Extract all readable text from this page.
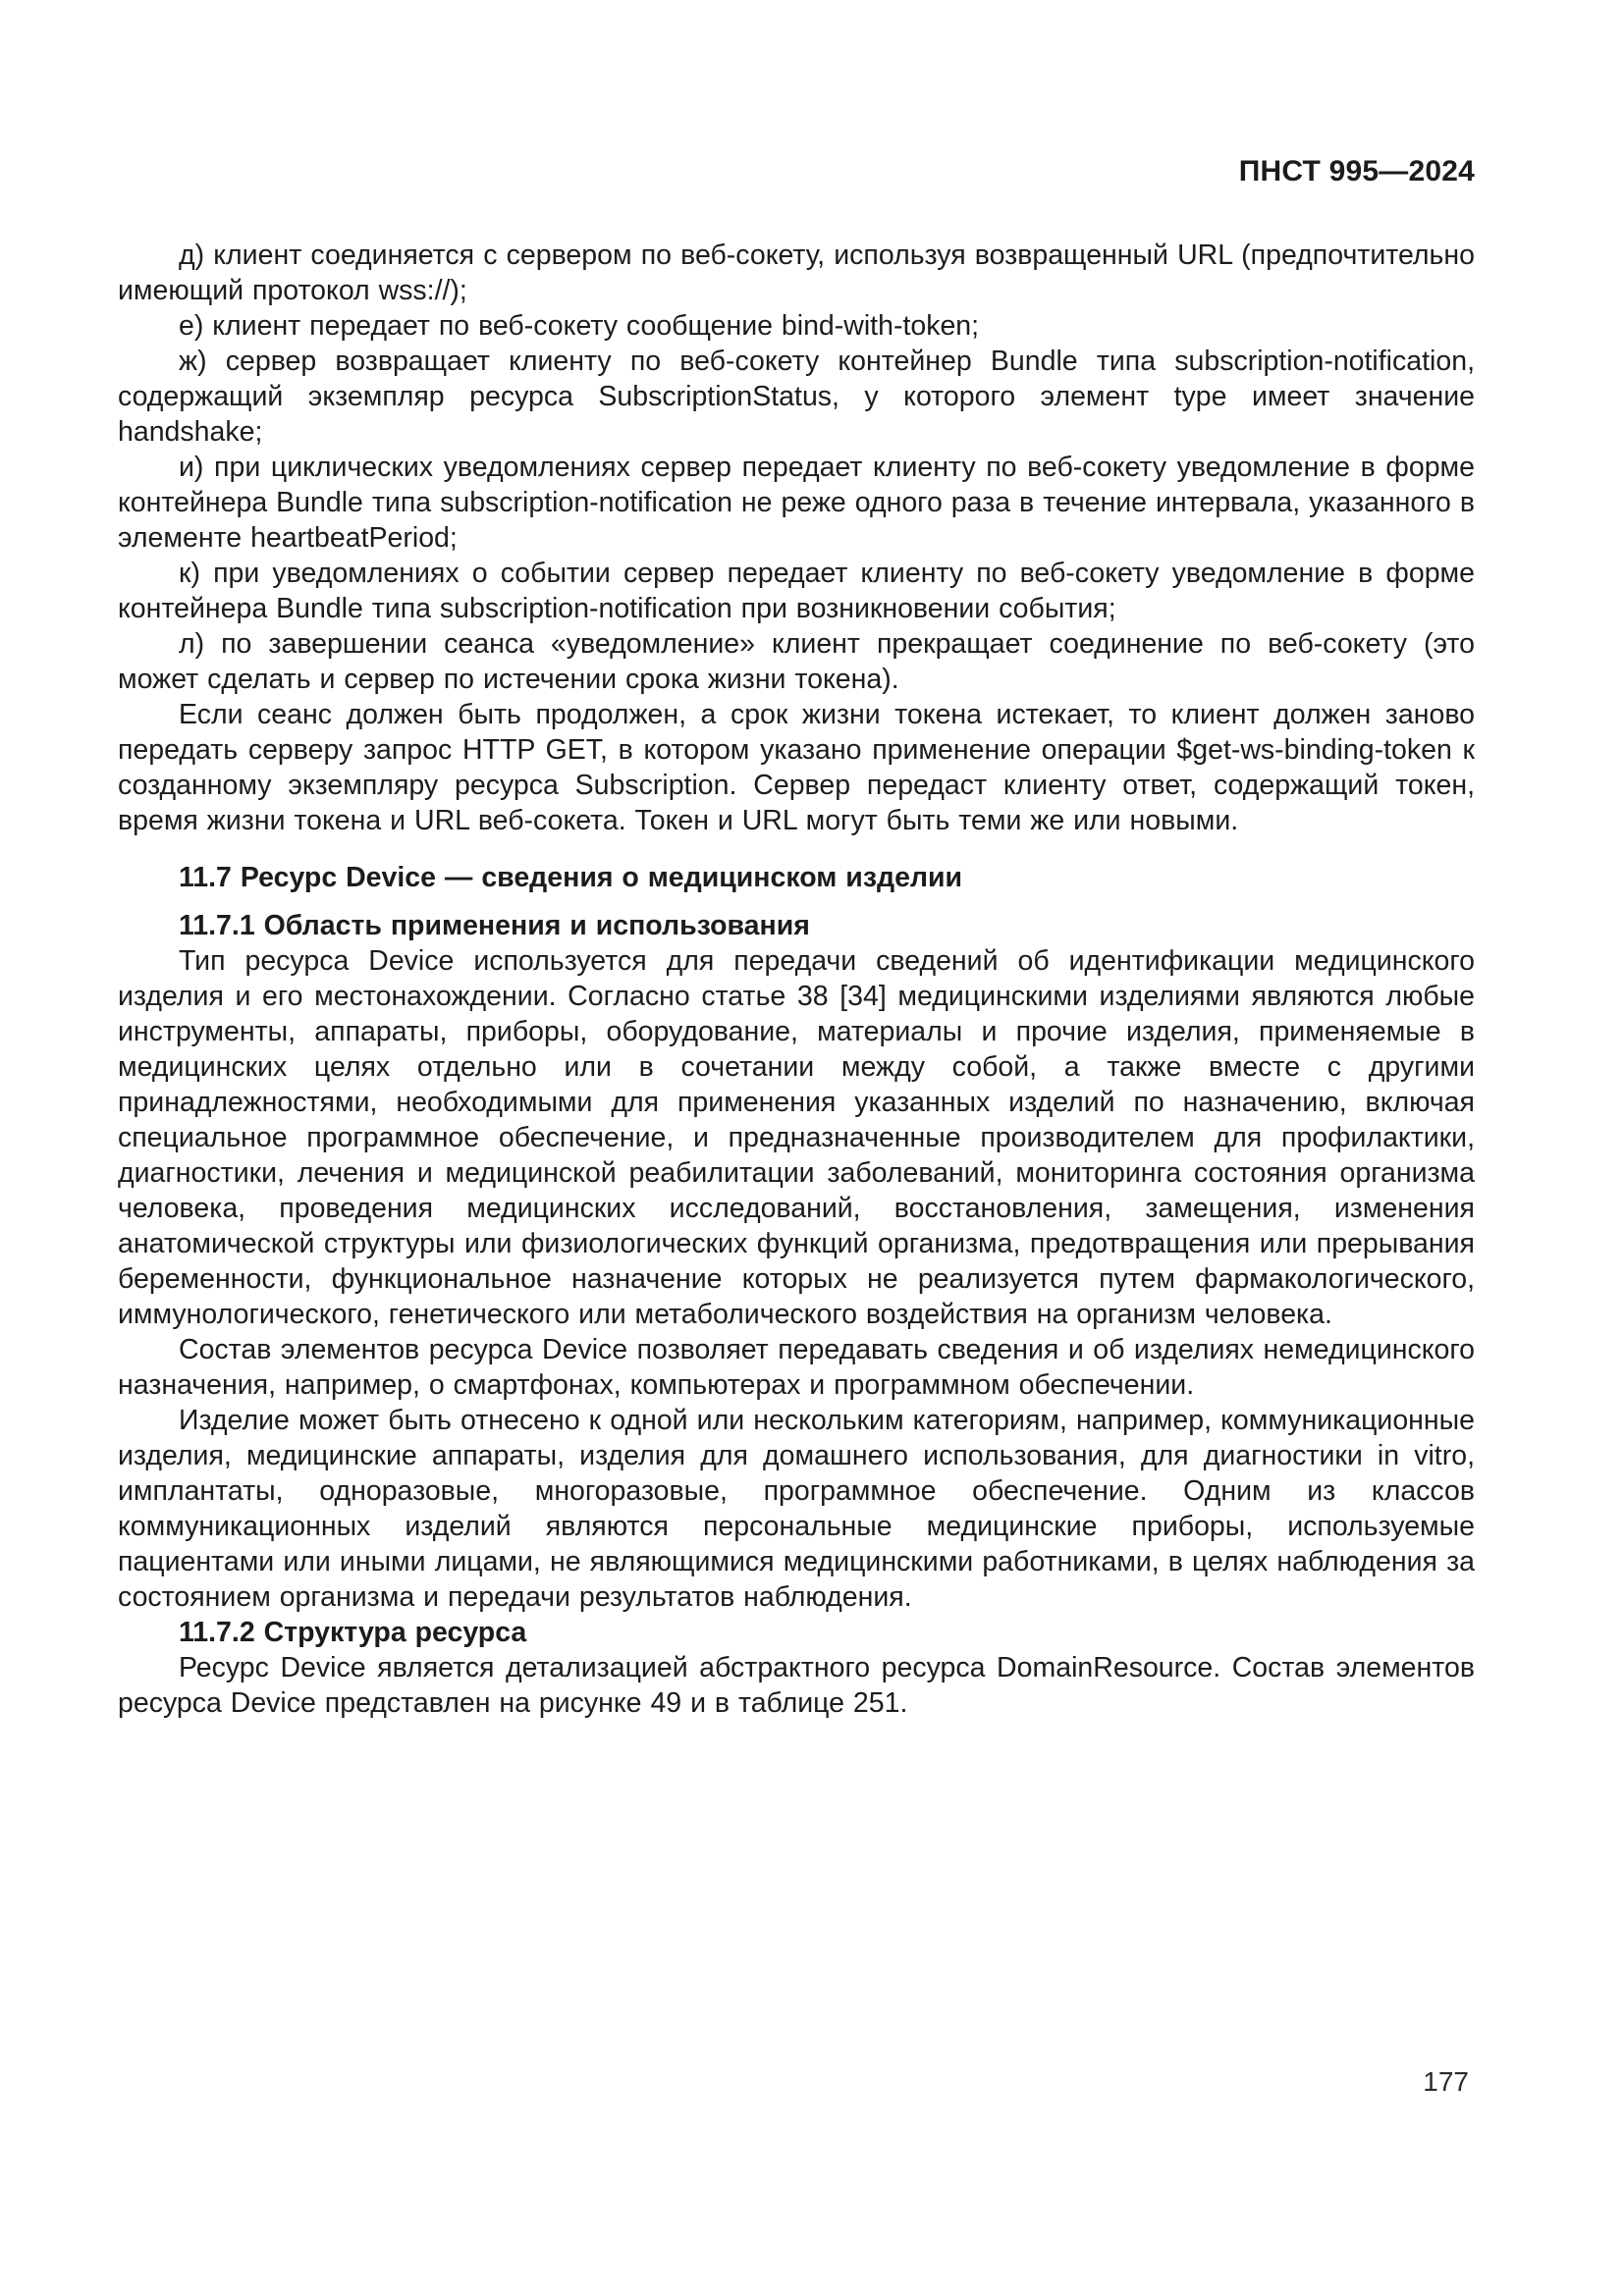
ПНСТ 995—2024

д) клиент соединяется с сервером по веб-сокету, используя возвращенный URL (предпочтительно имеющий протокол wss://);

е) клиент передает по веб-сокету сообщение bind-with-token;

ж) сервер возвращает клиенту по веб-сокету контейнер Bundle типа subscription-notification, содержащий экземпляр ресурса SubscriptionStatus, у которого элемент type имеет значение handshake;

и) при циклических уведомлениях сервер передает клиенту по веб-сокету уведомление в форме контейнера Bundle типа subscription-notification не реже одного раза в течение интервала, указанного в элементе heartbeatPeriod;

к) при уведомлениях о событии сервер передает клиенту по веб-сокету уведомление в форме контейнера Bundle типа subscription-notification при возникновении события;

л) по завершении сеанса «уведомление» клиент прекращает соединение по веб-сокету (это может сделать и сервер по истечении срока жизни токена).

Если сеанс должен быть продолжен, а срок жизни токена истекает, то клиент должен заново передать серверу запрос HTTP GET, в котором указано применение операции $get-ws-binding-token к созданному экземпляру ресурса Subscription. Сервер передаст клиенту ответ, содержащий токен, время жизни токена и URL веб-сокета. Токен и URL могут быть теми же или новыми.

11.7 Ресурс Device — сведения о медицинском изделии

11.7.1 Область применения и использования

Тип ресурса Device используется для передачи сведений об идентификации медицинского изделия и его местонахождении. Согласно статье 38 [34] медицинскими изделиями являются любые инструменты, аппараты, приборы, оборудование, материалы и прочие изделия, применяемые в медицинских целях отдельно или в сочетании между собой, а также вместе с другими принадлежностями, необходимыми для применения указанных изделий по назначению, включая специальное программное обеспечение, и предназначенные производителем для профилактики, диагностики, лечения и медицинской реабилитации заболеваний, мониторинга состояния организма человека, проведения медицинских исследований, восстановления, замещения, изменения анатомической структуры или физиологических функций организма, предотвращения или прерывания беременности, функциональное назначение которых не реализуется путем фармакологического, иммунологического, генетического или метаболического воздействия на организм человека.

Состав элементов ресурса Device позволяет передавать сведения и об изделиях немедицинского назначения, например, о смартфонах, компьютерах и программном обеспечении.

Изделие может быть отнесено к одной или нескольким категориям, например, коммуникационные изделия, медицинские аппараты, изделия для домашнего использования, для диагностики in vitro, имплантаты, одноразовые, многоразовые, программное обеспечение. Одним из классов коммуникационных изделий являются персональные медицинские приборы, используемые пациентами или иными лицами, не являющимися медицинскими работниками, в целях наблюдения за состоянием организма и передачи результатов наблюдения.

11.7.2 Структура ресурса

Ресурс Device является детализацией абстрактного ресурса DomainResource. Состав элементов ресурса Device представлен на рисунке 49 и в таблице 251.

177
